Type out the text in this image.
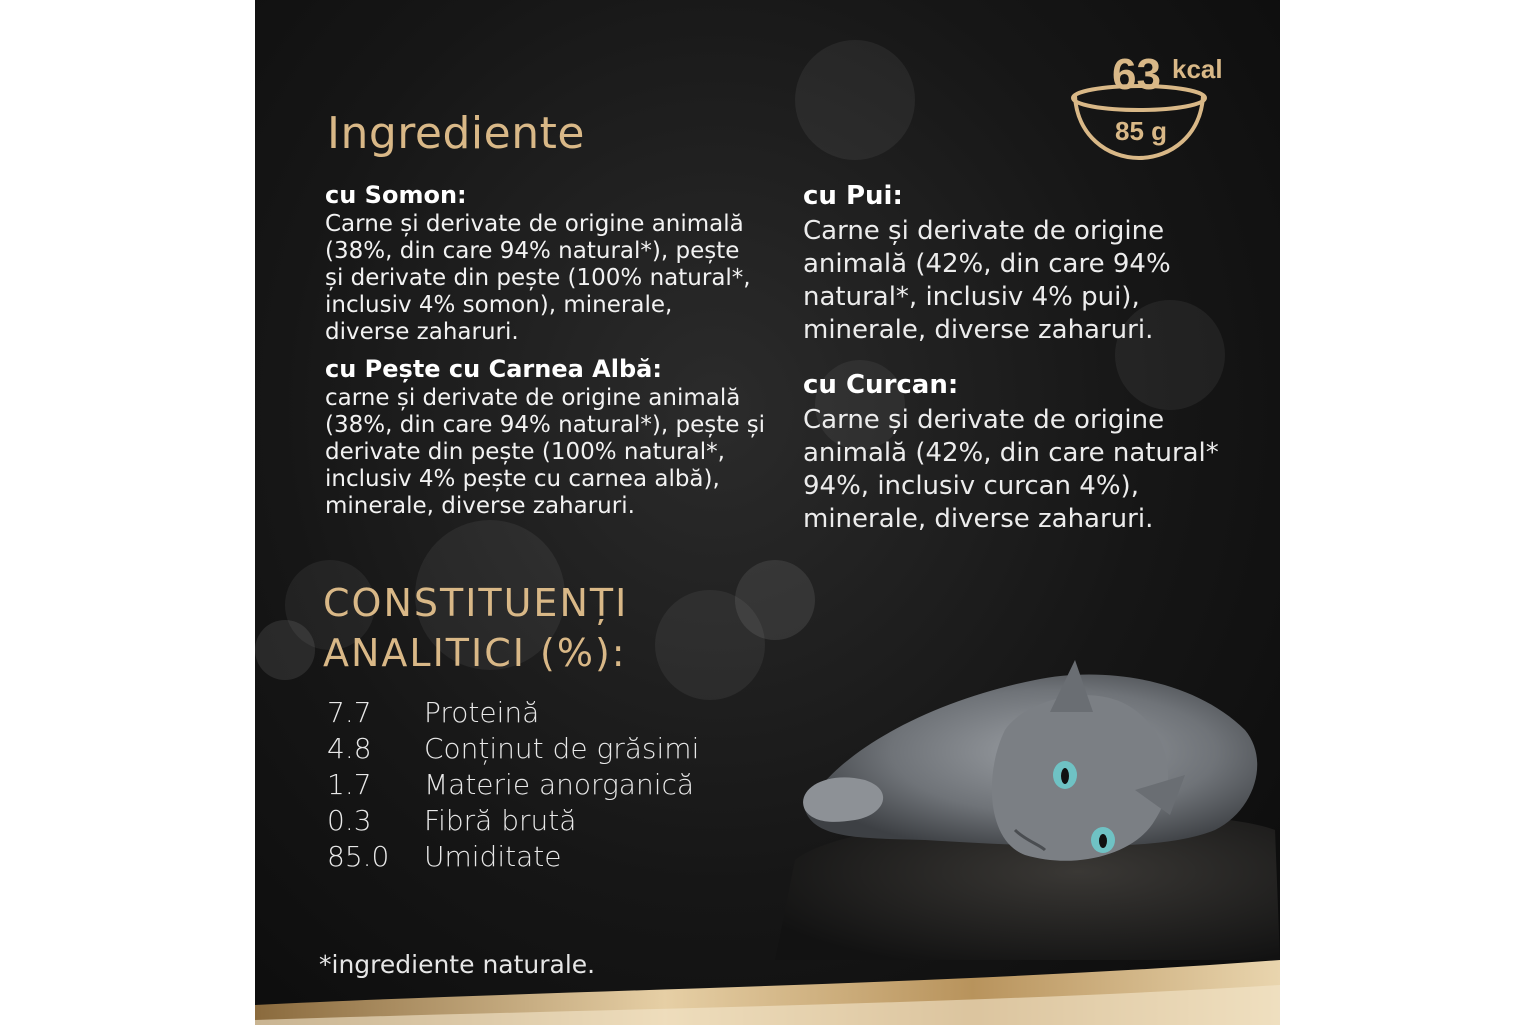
63 kcal
85 g
Ingrediente
cu Somon:
Carne și derivate de origine animală
(38%, din care 94% natural*), pește
și derivate din pește (100% natural*,
inclusiv 4% somon), minerale,
diverse zaharuri.
cu Pește cu Carnea Albă:
carne și derivate de origine animală
(38%, din care 94% natural*), pește și
derivate din pește (100% natural*,
inclusiv 4% pește cu carnea albă),
minerale, diverse zaharuri.
cu Pui:
Carne și derivate de origine
animală (42%, din care 94%
natural*, inclusiv 4% pui),
minerale, diverse zaharuri.
cu Curcan:
Carne și derivate de origine
animală (42%, din care natural*
94%, inclusiv curcan 4%),
minerale, diverse zaharuri.
CONSTITUENȚI
ANALITICI (%):
7.7	Proteină
4.8	Conținut de grăsimi
1.7	Materie anorganică
0.3	Fibră brută
85.0	Umiditate
*ingrediente naturale.
